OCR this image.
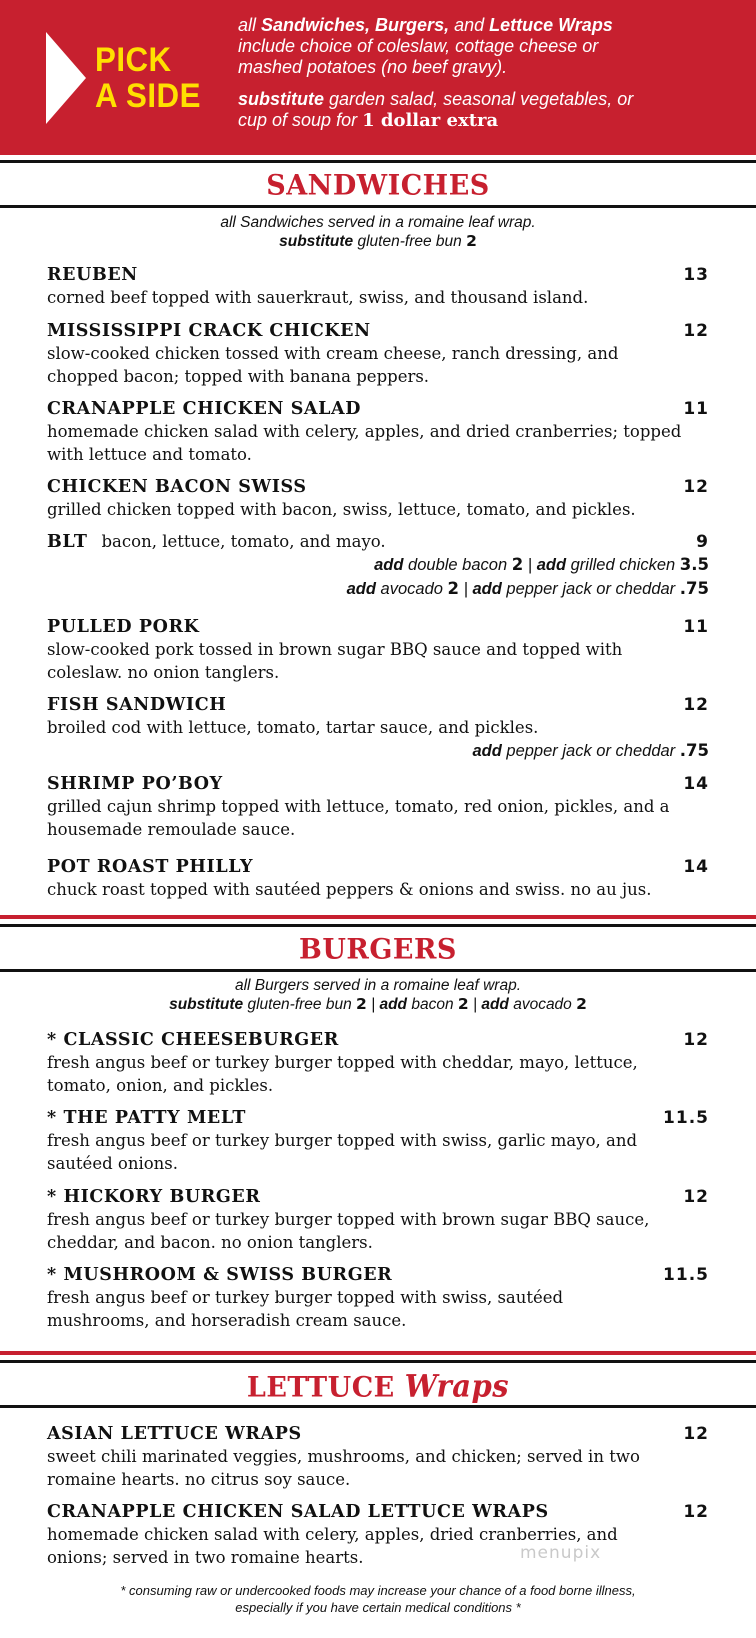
PICK
A SIDE

all Sandwiches, Burgers, and Lettuce Wraps
include choice of coleslaw, cottage cheese or
mashed potatoes (no beef gravy).

substitute garden salad, seasonal vegetables, or
cup of soup for 1 dollar extra

SANDWICHES
all Sandwiches served in a romaine leaf wrap.
substitute gluten-free bun 2
REUBEN	13
corned beef topped with sauerkraut, swiss, and thousand island.
MISSISSIPPI CRACK CHICKEN	12
slow-cooked chicken tossed with cream cheese, ranch dressing, and chopped bacon; topped with banana peppers.
CRANAPPLE CHICKEN SALAD	11
homemade chicken salad with celery, apples, and dried cranberries; topped with lettuce and tomato.
CHICKEN BACON SWISS	12
grilled chicken topped with bacon, swiss, lettuce, tomato, and pickles.
BLT bacon, lettuce, tomato, and mayo.	9
add double bacon 2 | add grilled chicken 3.5
add avocado 2 | add pepper jack or cheddar .75
PULLED PORK	11
slow-cooked pork tossed in brown sugar BBQ sauce and topped with coleslaw. no onion tanglers.
FISH SANDWICH	12
broiled cod with lettuce, tomato, tartar sauce, and pickles.
add pepper jack or cheddar .75
SHRIMP PO’BOY	14
grilled cajun shrimp topped with lettuce, tomato, red onion, pickles, and a housemade remoulade sauce.
POT ROAST PHILLY	14
chuck roast topped with sautéed peppers & onions and swiss. no au jus.
BURGERS
all Burgers served in a romaine leaf wrap.
substitute gluten-free bun 2 | add bacon 2 | add avocado 2
* CLASSIC CHEESEBURGER	12
fresh angus beef or turkey burger topped with cheddar, mayo, lettuce, tomato, onion, and pickles.
* THE PATTY MELT	11.5
fresh angus beef or turkey burger topped with swiss, garlic mayo, and sautéed onions.
* HICKORY BURGER	12
fresh angus beef or turkey burger topped with brown sugar BBQ sauce, cheddar, and bacon. no onion tanglers.
* MUSHROOM & SWISS BURGER	11.5
fresh angus beef or turkey burger topped with swiss, sautéed mushrooms, and horseradish cream sauce.
LETTUCE Wraps
ASIAN LETTUCE WRAPS	12
sweet chili marinated veggies, mushrooms, and chicken; served in two romaine hearts. no citrus soy sauce.
CRANAPPLE CHICKEN SALAD LETTUCE WRAPS	12
homemade chicken salad with celery, apples, dried cranberries, and onions; served in two romaine hearts.	menupix
* consuming raw or undercooked foods may increase your chance of a food borne illness,
especially if you have certain medical conditions *
